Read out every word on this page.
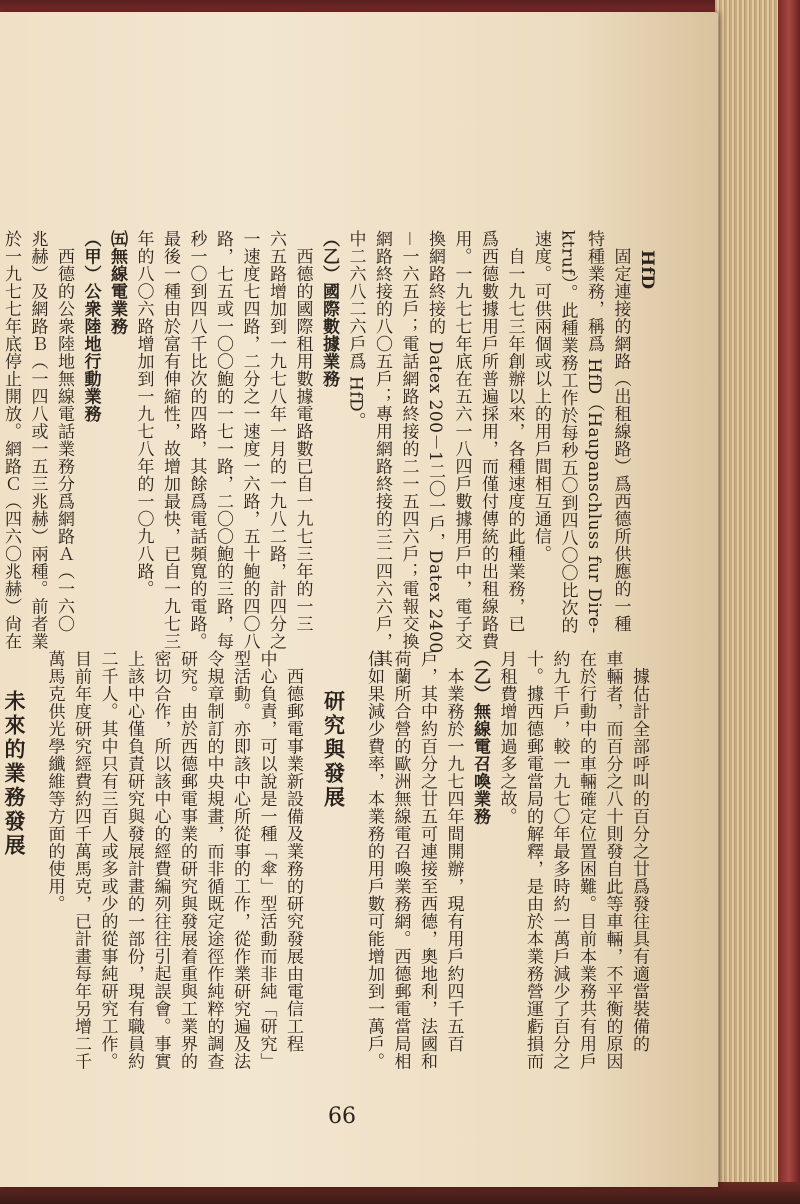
HfD

　固定連接的網路（出租線路）爲西德所供應的一種

特種業務，稱爲 HfD（Haupanschluss fur Dire-

ktruf）。此種業務工作於每秒五〇到四八〇〇比次的

速度。可供兩個或以上的用戶間相互通信。

　自一九七三年創辦以來，各種速度的此種業務，已

爲西德數據用戶所普遍採用，而僅付傳統的出租線路費

用。一九七七年底在五六一八四戶數據用戶中，電子交

換網路終接的 Datex 200－1二〇一戶，Datex 2400

－一六五戶；電話網路終接的二一五四六戶；電報交換

網路終接的八〇五戶；專用網路終接的三二四六六戶，其

中二六八二六戶爲 HfD。

（乙）國際數據業務

　西德的國際租用數據電路數已自一九七三年的一三

六五路增加到一九七八年一月的一九八二路，計四分之

一速度七四路，二分之一速度一六路，五十鮑的四〇八

路，七五或一〇〇鮑的一七一路，二〇〇鮑的三路，每

秒一〇到四八千比次的四路，其餘爲電話頻寬的電路。

最後一種由於富有伸縮性，故增加最快，已自一九七三

年的八〇六路增加到一九七八年的一〇九八路。

㈤無線電業務

（甲）公衆陸地行動業務

　西德的公衆陸地無線電話業務分爲網路Ａ（一六〇

兆赫）及網路Ｂ（一四八或一五三兆赫）兩種。前者業

於一九七七年底停止開放。網路Ｃ（四六〇兆赫）尙在

　據估計全部呼叫的百分之廿爲發往具有適當裝備的

車輛者，而百分之八十則發自此等車輛，不平衡的原因

在於行動中的車輛確定位置困難。目前本業務共有用戶

約九千戶，較一九七〇年最多時約一萬戶減少了百分之

十。據西德郵電當局的解釋，是由於本業務營運虧損而

月租費增加過多之故。

（乙）無線電召喚業務

　本業務於一九七四年間開辦，現有用戶約四千五百

戶，其中約百分之廿五可連接至西德，奧地利，法國和

荷蘭所合營的歐洲無線電召喚業務網。西德郵電當局相

信如果減少費率，本業務的用戶數可能增加到一萬戶。

研究與發展

　西德郵電事業新設備及業務的研究發展由電信工程

中心負責，可以說是一種「傘」型活動而非純「研究」

型活動。亦即該中心所從事的工作，從作業研究遍及法

令規章制訂的中央規畫，而非循既定途徑作純粹的調查

研究。由於西德郵電事業的研究與發展着重與工業界的

密切合作，所以該中心的經費編列往往引起誤會。事實

上該中心僅負責研究與發展計畫的一部份，現有職員約

二千人。其中只有三百人或多或少的從事純研究工作。

目前年度研究經費約四千萬馬克，已計畫每年另增二千

萬馬克供光學纖維等方面的使用。

未來的業務發展

66
